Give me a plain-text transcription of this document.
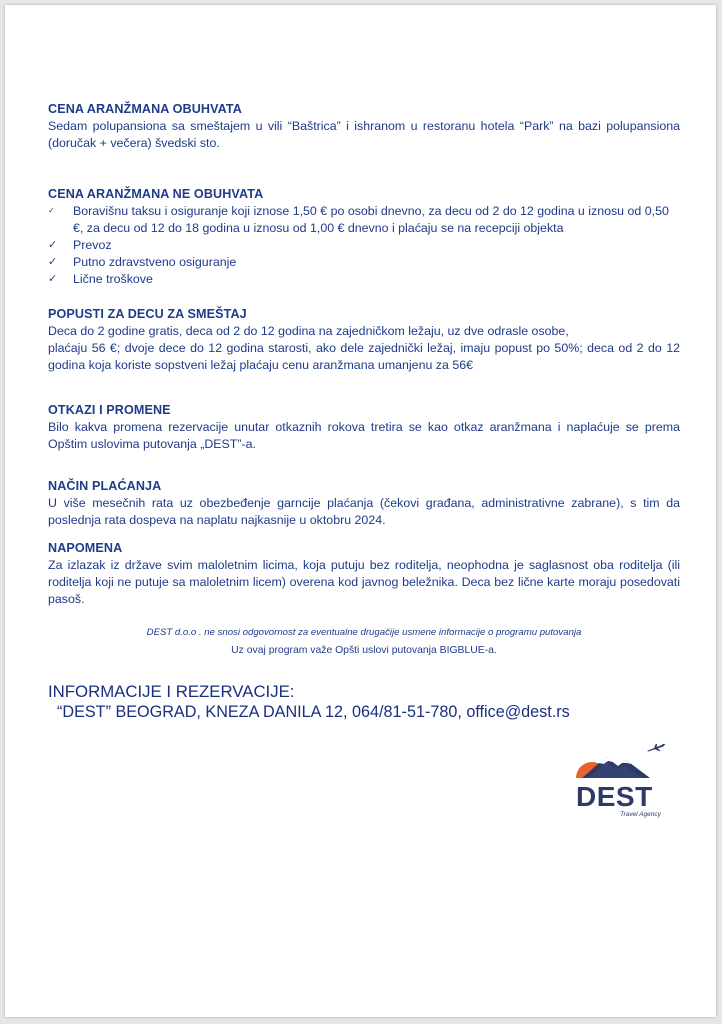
CENA ARANŽMANA OBUHVATA

Sedam polupansiona sa smeštajem u vili “Baštrica” i ishranom u restoranu hotela “Park” na bazi polupansiona (doručak + večera) švedski sto.

CENA ARANŽMANA NE OBUHVATA

✓	Boravišnu taksu i osiguranje koji iznose 1,50 € po osobi dnevno, za decu od 2 do 12 godina u iznosu od 0,50 €, za decu od 12 do 18 godina u iznosu od 1,00 € dnevno i plaćaju se na recepciji objekta
✓	Prevoz
✓	Putno zdravstveno osiguranje
✓	Lične troškove

POPUSTI ZA DECU ZA SMEŠTAJ

Deca do 2 godine gratis, deca od 2 do 12 godina na zajedničkom ležaju, uz dve odrasle osobe,

plaćaju 56 €; dvoje dece do 12 godina starosti, ako dele zajednički ležaj, imaju popust po 50%; deca od 2 do 12 godina koja koriste sopstveni ležaj plaćaju cenu aranžmana umanjenu za 56€

OTKAZI I PROMENE

Bilo kakva promena rezervacije unutar otkaznih rokova tretira se kao otkaz aranžmana i naplaćuje se prema Opštim uslovima putovanja „DEST”-a.

NAČIN PLAĆANJA

U više mesečnih rata uz obezbeđenje garncije plaćanja (čekovi građana, administrativne zabrane), s tim da poslednja rata dospeva na naplatu najkasnije u oktobru 2024.

NAPOMENA

Za izlazak iz države svim maloletnim licima, koja putuju bez roditelja, neophodna je saglasnost oba roditelja (ili roditelja koji ne putuje sa maloletnim licem) overena kod javnog beležnika. Deca bez lične karte moraju posedovati pasoš.

DEST d.o.o . ne snosi odgovornost za eventualne drugačije usmene informacije o programu putovanja

Uz ovaj program važe Opšti uslovi putovanja BIGBLUE-a.

INFORMACIJE I REZERVACIJE:

“DEST” BEOGRAD, KNEZA DANILA 12, 064/81-51-780, office@dest.rs

DEST
Travel Agency
